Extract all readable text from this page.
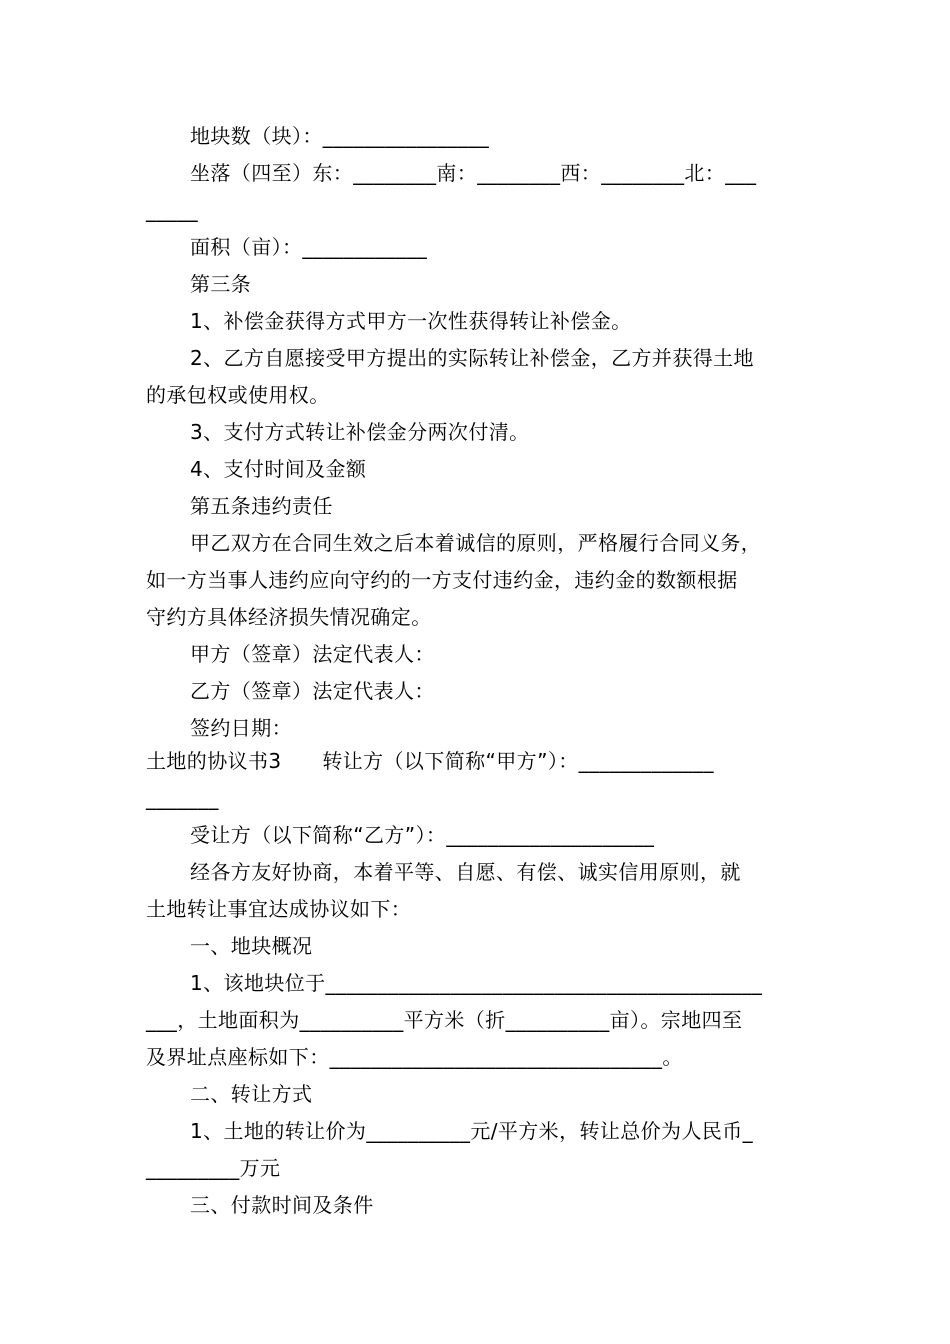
地块数（块）：________________
坐落（四至）东：________南：________西：________北：___
_____
面积（亩）：____________
第三条
1、补偿金获得方式甲方一次性获得转让补偿金。
2、乙方自愿接受甲方提出的实际转让补偿金，乙方并获得土地
的承包权或使用权。
3、支付方式转让补偿金分两次付清。
4、支付时间及金额
第五条违约责任
甲乙双方在合同生效之后本着诚信的原则，严格履行合同义务，
如一方当事人违约应向守约的一方支付违约金，违约金的数额根据
守约方具体经济损失情况确定。
甲方（签章）法定代表人：
乙方（签章）法定代表人：
签约日期：
土地的协议书3　　转让方（以下简称“甲方”）：_____________
_______
受让方（以下简称“乙方”）：____________________
经各方友好协商，本着平等、自愿、有偿、诚实信用原则，就
土地转让事宜达成协议如下：
一、地块概况
1、该地块位于__________________________________________
___，土地面积为__________平方米（折__________亩）。宗地四至
及界址点座标如下：________________________________。
二、转让方式
1、土地的转让价为__________元/平方米，转让总价为人民币_
_________万元
三、付款时间及条件
